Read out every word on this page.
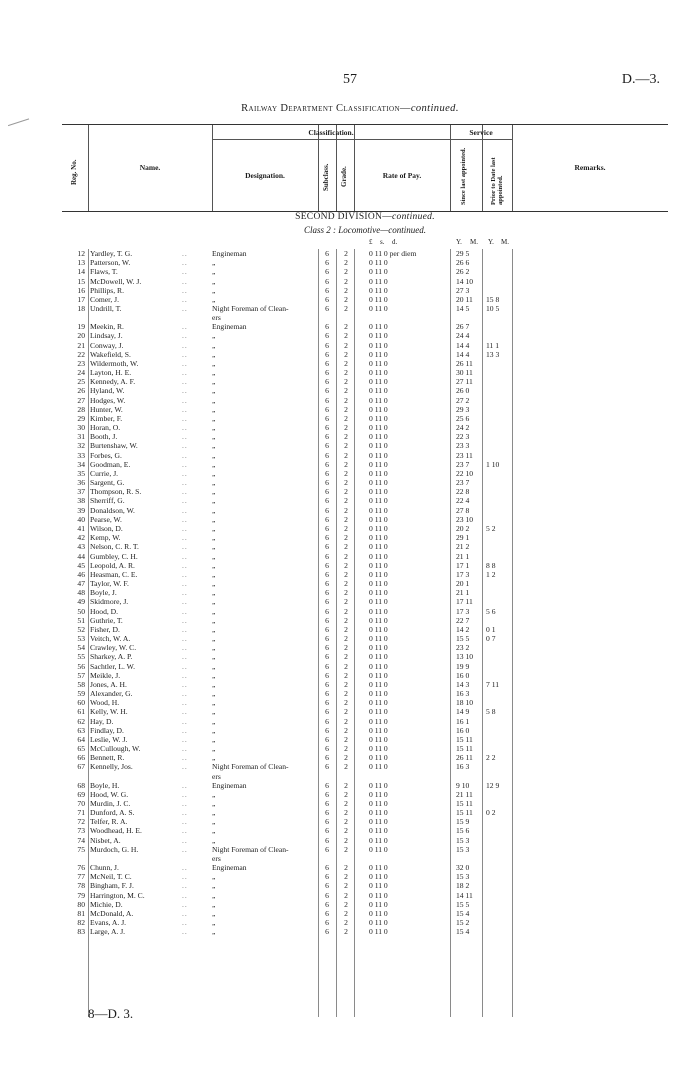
57	D.—3.
Railway Department Classification—continued.
Reg. No.	Name.
Classification.
Designation.	Subclass. Grade.	Rate of Pay.
Service
Since last appointed.	Prior to Date last appointed.
Remarks.
SECOND DIVISION—continued.
Class 2 : Locomotive—continued.
£ s. d.	Y. M. Y. M.
12 Yardley, T. G.	Engineman	6	2	0 11 0 per diem	29 5
..
13 Patterson, W.	„	6	2	0 11 0	26 6
..
14 Flaws, T.	„	6	2	0 11 0	26 2
..
15 McDowell, W. J.	„	6	2	0 11 0	14 10
..
16 Phillips, R.	„	6	2	0 11 0	27 3
..
17 Comer, J.	„	6	2	0 11 0	20 11	15 8
..
18 Undrill, T.	Night Foreman of Clean-	6	2	0 11 0	14 5	10 5
..
ers
19 Meekin, R.	Engineman	6	2	0 11 0	26 7
..
20 Lindsay, J.	„	6	2	0 11 0	24 4
..
21 Conway, J.	„	6	2	0 11 0	14 4	11 1
..
22 Wakefield, S.	„	6	2	0 11 0	14 4	13 3
..
23 Wildermoth, W.	„	6	2	0 11 0	26 11
..
24 Layton, H. E.	„	6	2	0 11 0	30 11
..
25 Kennedy, A. F.	„	6	2	0 11 0	27 11
..
26 Hyland, W.	„	6	2	0 11 0	26 0
..
27 Hodges, W.	„	6	2	0 11 0	27 2
..
28 Hunter, W.	„	6	2	0 11 0	29 3
..
29 Kimber, F.	„	6	2	0 11 0	25 6
..
30 Horan, O.	„	6	2	0 11 0	24 2
..
31 Booth, J.	„	6	2	0 11 0	22 3
..
32 Burtenshaw, W.	„	6	2	0 11 0	23 3
..
33 Forbes, G.	„	6	2	0 11 0	23 11
..
34 Goodman, E.	„	6	2	0 11 0	23 7	1 10
..
35 Currie, J.	„	6	2	0 11 0	22 10
..
36 Sargent, G.	„	6	2	0 11 0	23 7
..
37 Thompson, R. S.	„	6	2	0 11 0	22 8
..
38 Sherriff, G.	„	6	2	0 11 0	22 4
..
39 Donaldson, W.	„	6	2	0 11 0	27 8
..
40 Pearse, W.	„	6	2	0 11 0	23 10
..
41 Wilson, D.	„	6	2	0 11 0	20 2	5 2
..
42 Kemp, W.	„	6	2	0 11 0	29 1
..
43 Nelson, C. R. T.	„	6	2	0 11 0	21 2
..
44 Gumbley, C. H.	„	6	2	0 11 0	21 1
..
45 Leopold, A. R.	„	6	2	0 11 0	17 1	8 8
..
46 Heasman, C. E.	„	6	2	0 11 0	17 3	1 2
..
47 Taylor, W. F.	„	6	2	0 11 0	20 1
..
48 Boyle, J.	„	6	2	0 11 0	21 1
..
49 Skidmore, J.	„	6	2	0 11 0	17 11
..
50 Hood, D.	„	6	2	0 11 0	17 3	5 6
..
51 Guthrie, T.	„	6	2	0 11 0	22 7
..
52 Fisher, D.	„	6	2	0 11 0	14 2	0 1
..
53 Veitch, W. A.	„	6	2	0 11 0	15 5	0 7
..
54 Crawley, W. C.	„	6	2	0 11 0	23 2
..
55 Sharkey, A. P.	„	6	2	0 11 0	13 10
..
56 Sachtler, L. W.	„	6	2	0 11 0	19 9
..
57 Meikle, J.	„	6	2	0 11 0	16 0
..
58 Jones, A. H.	„	6	2	0 11 0	14 3	7 11
..
59 Alexander, G.	„	6	2	0 11 0	16 3
..
60 Wood, H.	„	6	2	0 11 0	18 10
..
61 Kelly, W. H.	„	6	2	0 11 0	14 9	5 8
..
62 Hay, D.	„	6	2	0 11 0	16 1
..
63 Findlay, D.	„	6	2	0 11 0	16 0
..
64 Leslie, W. J.	„	6	2	0 11 0	15 11
..
65 McCullough, W.	„	6	2	0 11 0	15 11
..
66 Bennett, R.	„	6	2	0 11 0	26 11	2 2
..
67 Kennelly, Jos.	Night Foreman of Clean-	6	2	0 11 0	16 3
..
ers
68 Boyle, H.	Engineman	6	2	0 11 0	9 10	12 9
..
69 Hood, W. G.	„	6	2	0 11 0	21 11
..
70 Murdin, J. C.	„	6	2	0 11 0	15 11
..
71 Dunford, A. S.	„	6	2	0 11 0	15 11	0 2
..
72 Telfer, R. A.	„	6	2	0 11 0	15 9
..
73 Woodhead, H. E.	„	6	2	0 11 0	15 6
..
74 Nisbet, A.	„	6	2	0 11 0	15 3
..
75 Murdoch, G. H.	Night Foreman of Clean-	6	2	0 11 0	15 3
..
ers
76 Chunn, J.	Engineman	6	2	0 11 0	32 0
..
77 McNeil, T. C.	„	6	2	0 11 0	15 3
..
78 Bingham, F. J.	„	6	2	0 11 0	18 2
..
79 Harrington, M. C.	„	6	2	0 11 0	14 11
..
80 Michie, D.	„	6	2	0 11 0	15 5
..
81 McDonald, A.	„	6	2	0 11 0	15 4
..
82 Evans, A. J.	„	6	2	0 11 0	15 2
..
83 Large, A. J.	„	6	2	0 11 0	15 4
..
8—D. 3.
